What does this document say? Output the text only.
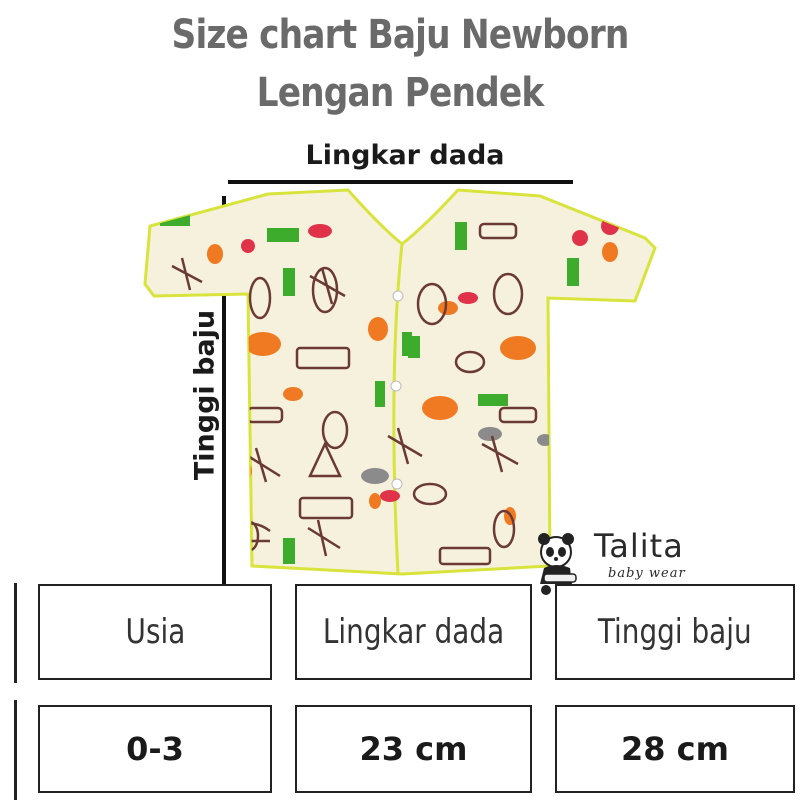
Size chart Baju Newborn
Lengan Pendek
Lingkar dada
Tinggi baju
Talita
baby wear
Usia	Lingkar dada	Tinggi baju
0-3	23 cm	28 cm
